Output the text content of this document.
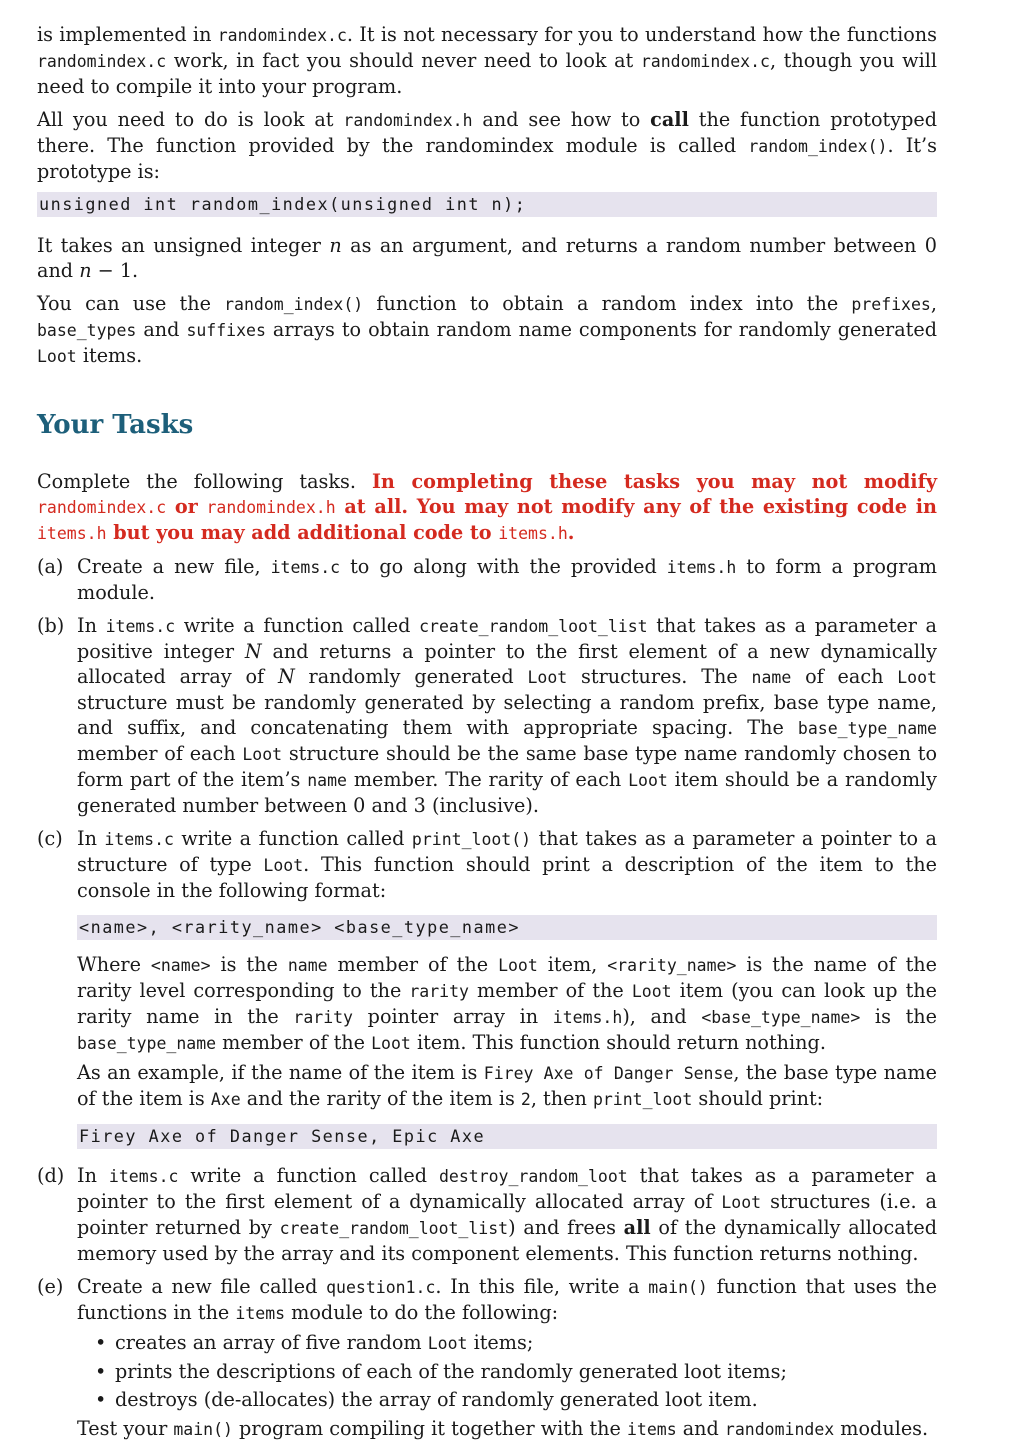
is implemented in randomindex.c. It is not necessary for you to understand how the functions randomindex.c work, in fact you should never need to look at randomindex.c, though you will need to compile it into your program.

All you need to do is look at randomindex.h and see how to call the function prototyped there. The function provided by the randomindex module is called random_index(). It’s prototype is:

unsigned int random_index(unsigned int n);

It takes an unsigned integer n as an argument, and returns a random number between 0 and n − 1.

You can use the random_index() function to obtain a random index into the prefixes, base_types and suffixes arrays to obtain random name components for randomly generated Loot items.

Your Tasks

Complete the following tasks. In completing these tasks you may not modify randomindex.c or randomindex.h at all. You may not modify any of the existing code in items.h but you may add additional code to items.h.

(a) Create a new file, items.c to go along with the provided items.h to form a program module.

(b) In items.c write a function called create_random_loot_list that takes as a parameter a positive integer N and returns a pointer to the first element of a new dynamically allocated array of N randomly generated Loot structures. The name of each Loot structure must be randomly generated by selecting a random prefix, base type name, and suffix, and concatenating them with appropriate spacing. The base_type_name member of each Loot structure should be the same base type name randomly chosen to form part of the item’s name member. The rarity of each Loot item should be a randomly generated number between 0 and 3 (inclusive).

(c) In items.c write a function called print_loot() that takes as a parameter a pointer to a structure of type Loot. This function should print a description of the item to the console in the following format:

<name>, <rarity_name> <base_type_name>

Where <name> is the name member of the Loot item, <rarity_name> is the name of the rarity level corresponding to the rarity member of the Loot item (you can look up the rarity name in the rarity pointer array in items.h), and <base_type_name> is the base_type_name member of the Loot item. This function should return nothing.

As an example, if the name of the item is Firey Axe of Danger Sense, the base type name of the item is Axe and the rarity of the item is 2, then print_loot should print:

Firey Axe of Danger Sense, Epic Axe
(d) In items.c write a function called destroy_random_loot that takes as a parameter a pointer to the first element of a dynamically allocated array of Loot structures (i.e. a pointer returned by create_random_loot_list) and frees all of the dynamically allocated memory used by the array and its component elements. This function returns nothing.

(e) Create a new file called question1.c. In this file, write a main() function that uses the functions in the items module to do the following:

• creates an array of five random Loot items;
• prints the descriptions of each of the randomly generated loot items;
• destroys (de-allocates) the array of randomly generated loot item.

Test your main() program compiling it together with the items and randomindex modules.
